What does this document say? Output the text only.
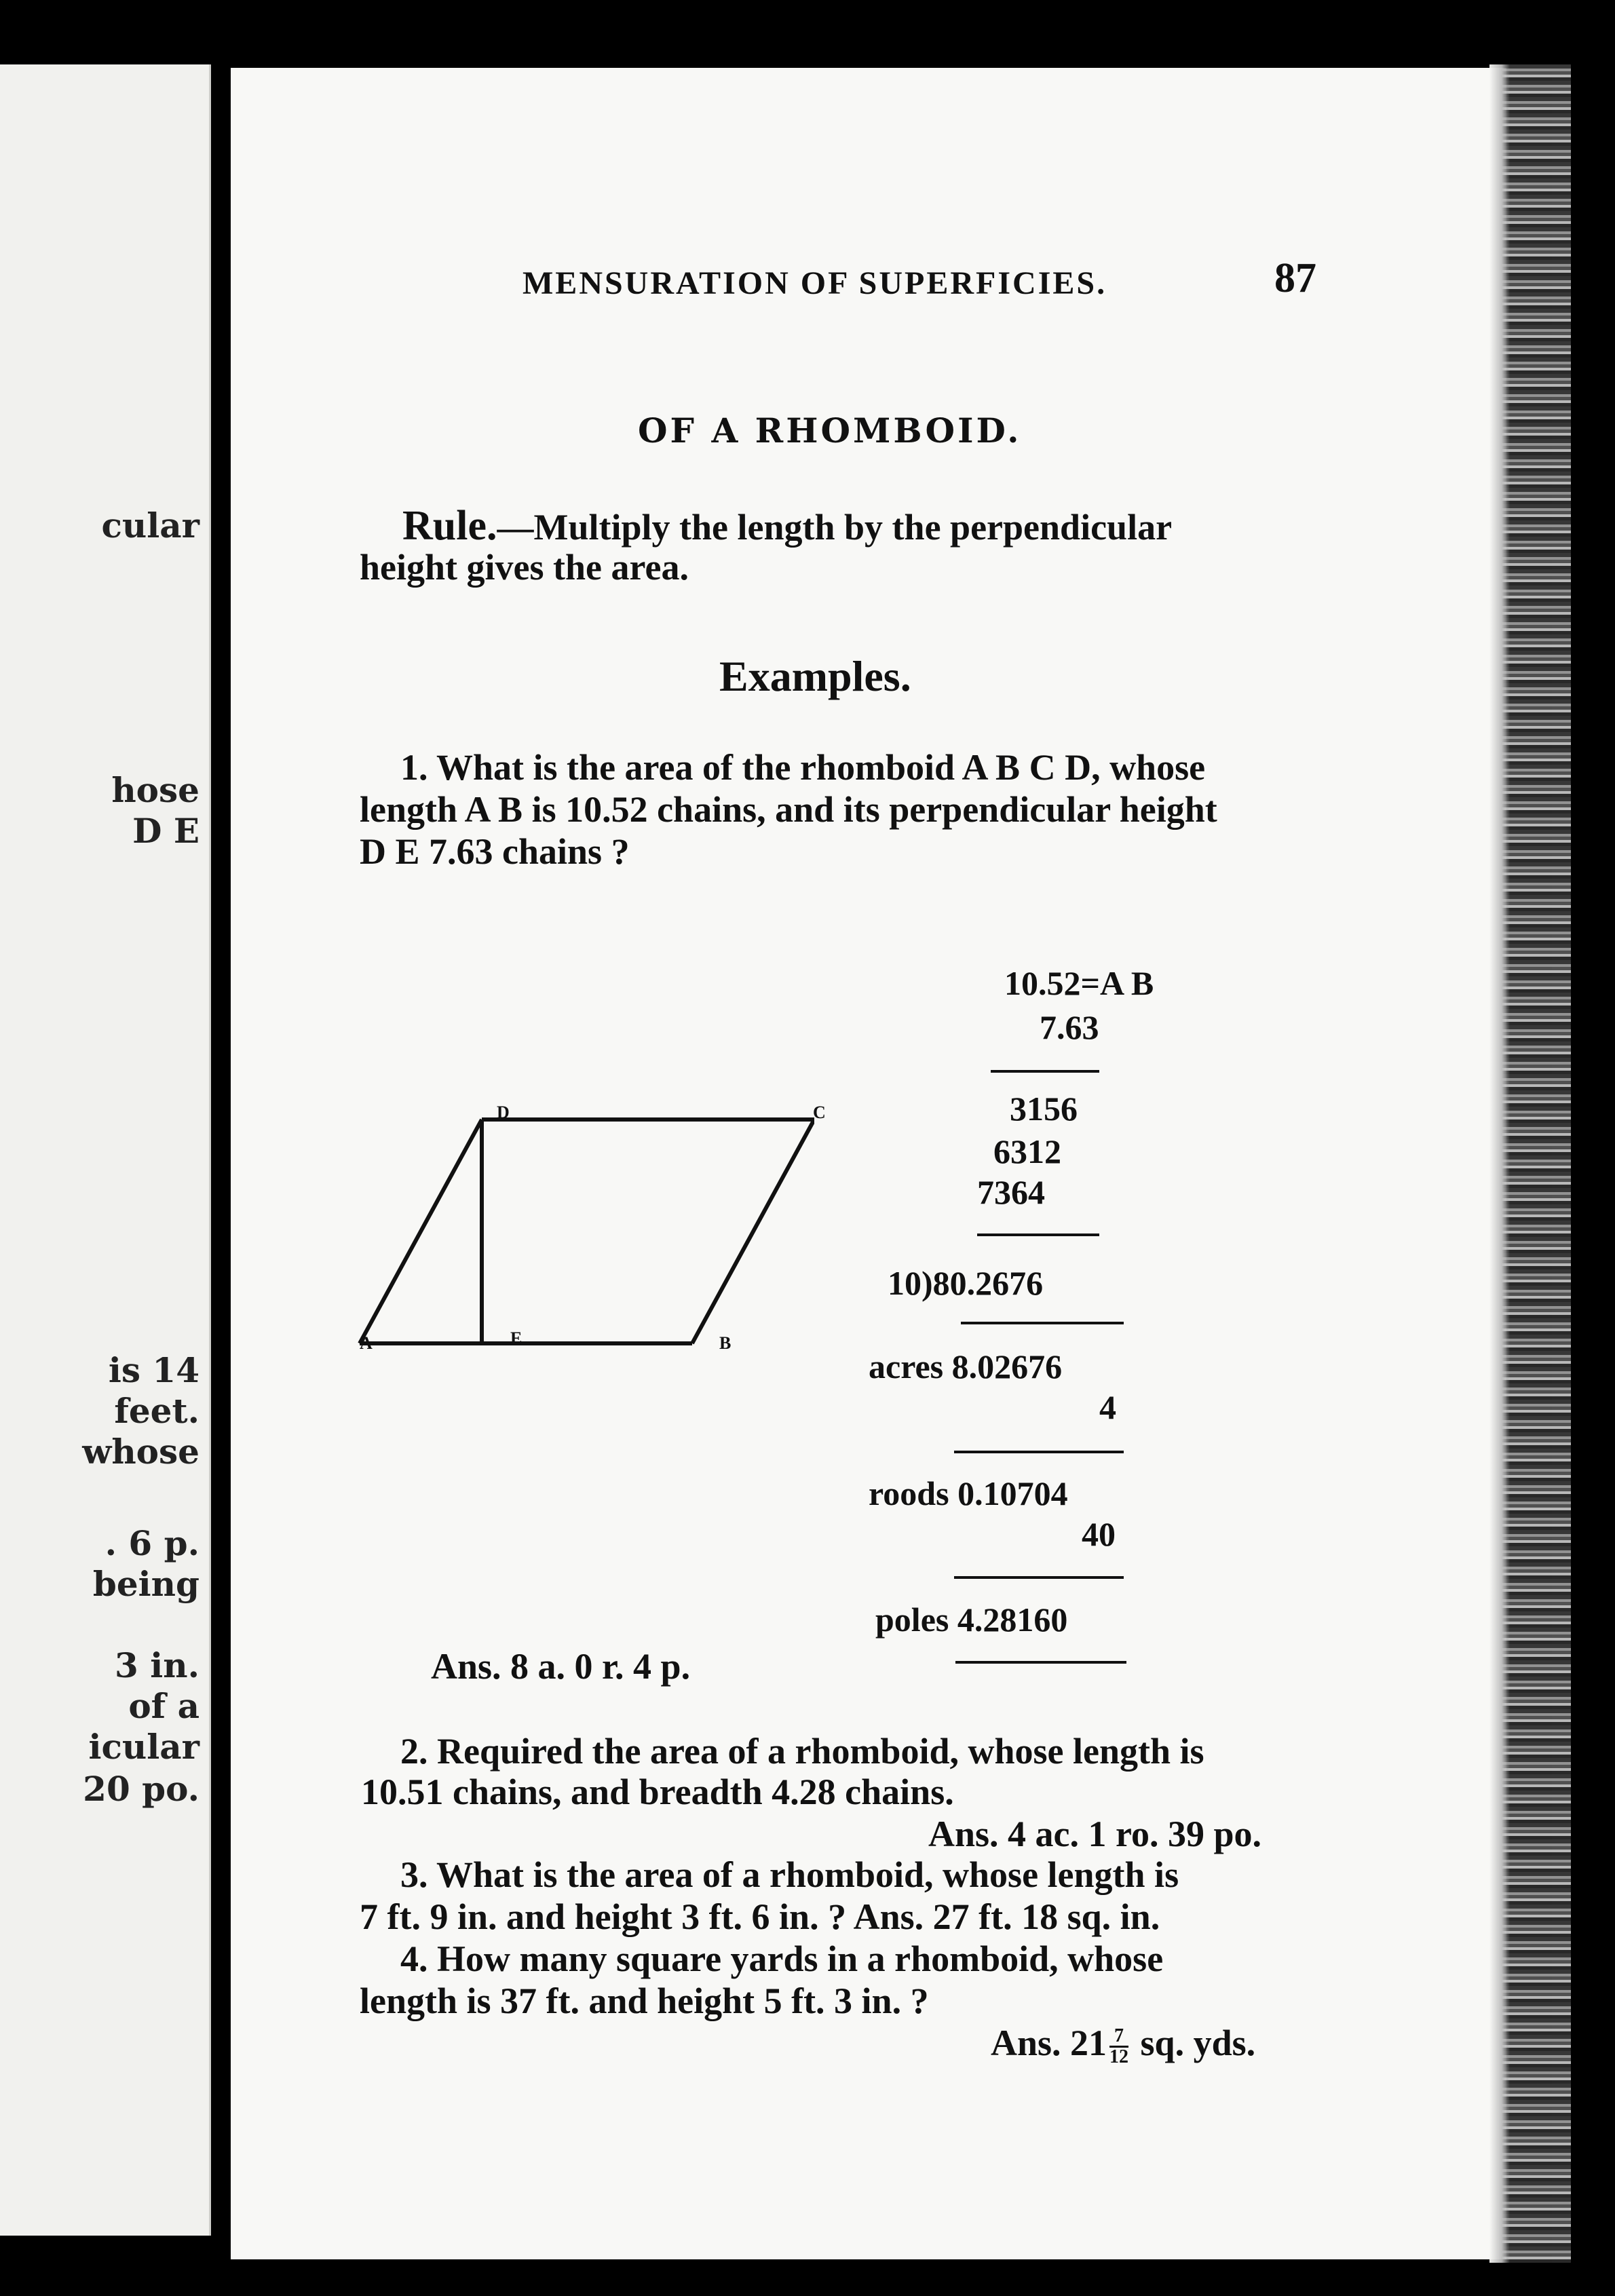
cular
hose
D E
is 14
feet.
whose
. 6 p.
being
3 in.
of a
icular
20 po.
MENSURATION OF SUPERFICIES.	87
OF A RHOMBOID.
Rule.—Multiply the length by the perpendicular
height gives the area.
Examples.
1. What is the area of the rhomboid A B C D, whose
length A B is 10.52 chains, and its perpendicular height
D E 7.63 chains ?
A	B
C
D
E
10.52=A B
7.63
3156
6312
7364
10)80.2676
acres 8.02676
4
roods 0.10704
40
poles 4.28160
Ans. 8 a. 0 r. 4 p.
2. Required the area of a rhomboid, whose length is
10.51 chains, and breadth 4.28 chains.
Ans. 4 ac. 1 ro. 39 po.
3. What is the area of a rhomboid, whose length is
7 ft. 9 in. and height 3 ft. 6 in. ? Ans. 27 ft. 18 sq. in.
4. How many square yards in a rhomboid, whose
length is 37 ft. and height 5 ft. 3 in. ?
Ans. $21 \frac{7}{12}$ sq. yds.
